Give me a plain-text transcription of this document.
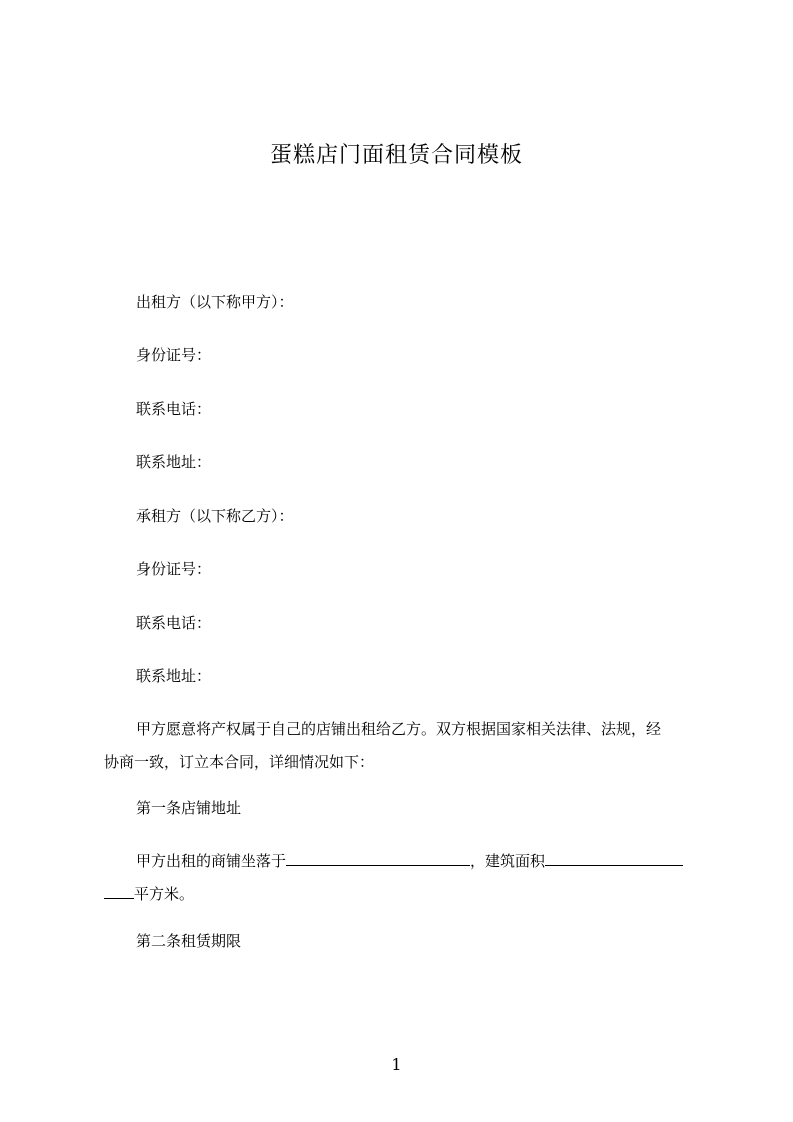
蛋糕店门面租赁合同模板
出租方（以下称甲方）：
身份证号：
联系电话：
联系地址：
承租方（以下称乙方）：
身份证号：
联系电话：
联系地址：
甲方愿意将产权属于自己的店铺出租给乙方。双方根据国家相关法律、法规，经
协商一致，订立本合同，详细情况如下：
第一条店铺地址
甲方出租的商铺坐落于	，建筑面积
平方米。
第二条租赁期限
1
